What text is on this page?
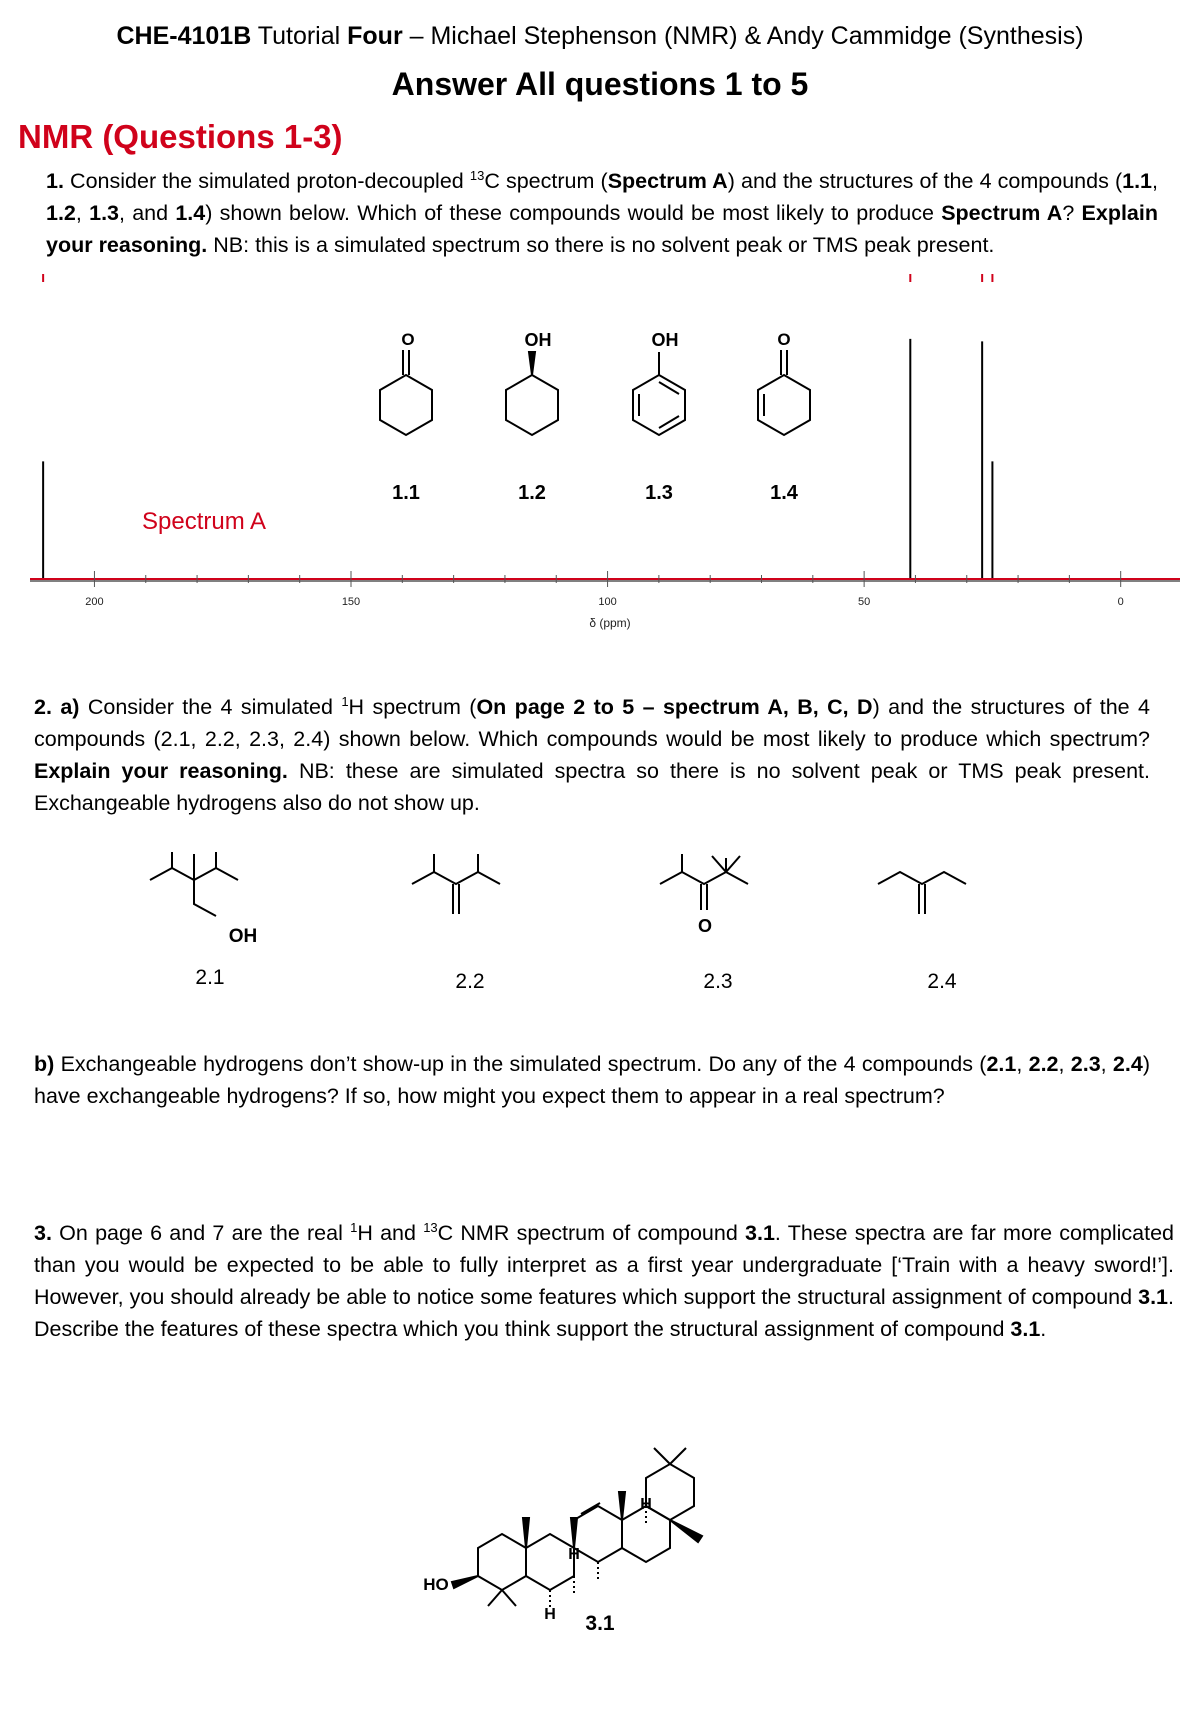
CHE-4101B Tutorial Four – Michael Stephenson (NMR) & Andy Cammidge (Synthesis)
Answer All questions 1 to 5
NMR (Questions 1-3)

1. Consider the simulated proton-decoupled $^{13}$C spectrum (Spectrum A) and the structures of the 4 compounds (1.1, 1.2, 1.3, and 1.4) shown below. Which of these compounds would be most likely to produce Spectrum A? Explain your reasoning. NB: this is a simulated spectrum so there is no solvent peak or TMS peak present.

200	150	100	50	0
Spectrum A
δ (ppm)
O	OH	OH	O
1.1	1.2	1.3	1.4

2. a) Consider the 4 simulated $^1$H spectrum (On page 2 to 5 – spectrum A, B, C, D) and the structures of the 4 compounds (2.1, 2.2, 2.3, 2.4) shown below. Which compounds would be most likely to produce which spectrum? Explain your reasoning. NB: these are simulated spectra so there is no solvent peak or TMS peak present. Exchangeable hydrogens also do not show up.

OH	O
2.1	2.2	2.3	2.4

b) Exchangeable hydrogens don’t show-up in the simulated spectrum. Do any of the 4 compounds (2.1, 2.2, 2.3, 2.4) have exchangeable hydrogens? If so, how might you expect them to appear in a real spectrum?

3. On page 6 and 7 are the real $^1$H and $^{13}$C NMR spectrum of compound 3.1. These spectra are far more complicated than you would be expected to be able to fully interpret as a first year undergraduate [‘Train with a heavy sword!’]. However, you should already be able to notice some features which support the structural assignment of compound 3.1. Describe the features of these spectra which you think support the structural assignment of compound 3.1.

HO
H
H
H
3.1
